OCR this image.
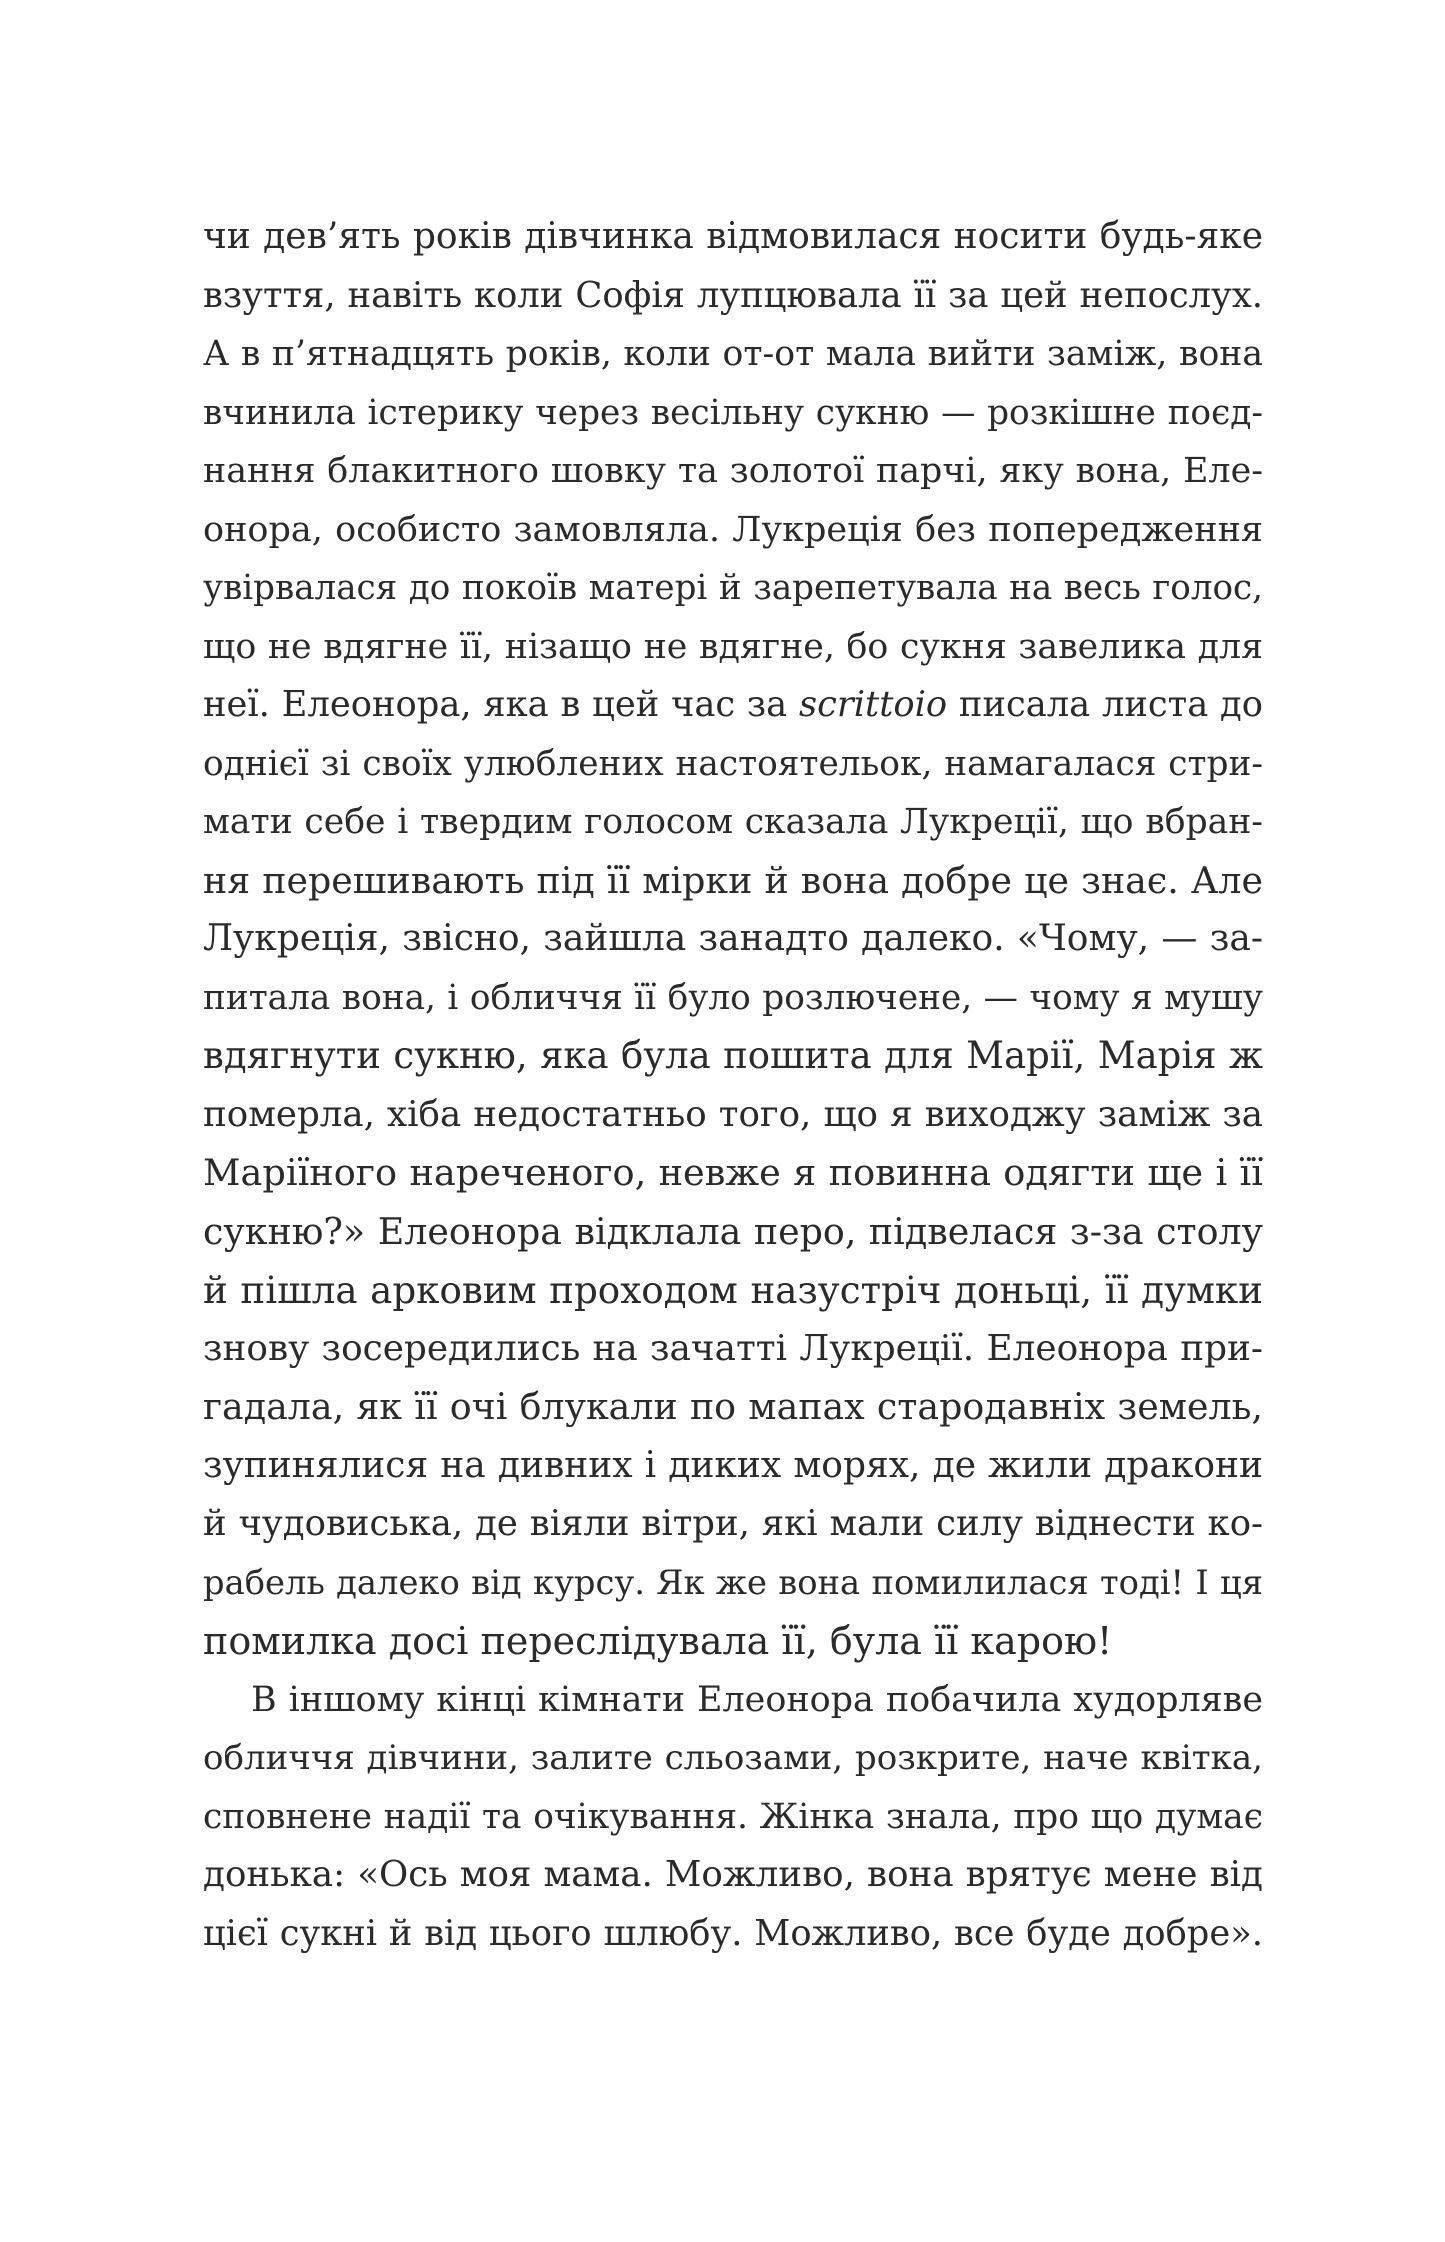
чи дев’ять років дівчинка відмовилася носити будь-яке
взуття, навіть коли Софія лупцювала її за цей непослух.
А в п’ятнадцять років, коли от-от мала вийти заміж, вона
вчинила істерику через весільну сукню — розкішне поєд-
нання блакитного шовку та золотої парчі, яку вона, Еле-
онора, особисто замовляла. Лукреція без попередження
увірвалася до покоїв матері й зарепетувала на весь голос,
що не вдягне її, нізащо не вдягне, бо сукня завелика для
неї. Елеонора, яка в цей час за scrittoio писала листа до
однієї зі своїх улюблених настоятельок, намагалася стри-
мати себе і твердим голосом сказала Лукреції, що вбран-
ня перешивають під її мірки й вона добре це знає. Але
Лукреція, звісно, зайшла занадто далеко. «Чому, — за-
питала вона, і обличчя її було розлючене, — чому я мушу
вдягнути сукню, яка була пошита для Марії, Марія ж
померла, хіба недостатньо того, що я виходжу заміж за
Маріїного нареченого, невже я повинна одягти ще і її
сукню?» Елеонора відклала перо, підвелася з-за столу
й пішла арковим проходом назустріч доньці, її думки
знову зосередились на зачатті Лукреції. Елеонора при-
гадала, як її очі блукали по мапах стародавніх земель,
зупинялися на дивних і диких морях, де жили дракони
й чудовиська, де віяли вітри, які мали силу віднести ко-
рабель далеко від курсу. Як же вона помилилася тоді! І ця
помилка досі переслідувала її, була її карою!
В іншому кінці кімнати Елеонора побачила худорляве
обличчя дівчини, залите сльозами, розкрите, наче квітка,
сповнене надії та очікування. Жінка знала, про що думає
донька: «Ось моя мама. Можливо, вона врятує мене від
цієї сукні й від цього шлюбу. Можливо, все буде добре».
